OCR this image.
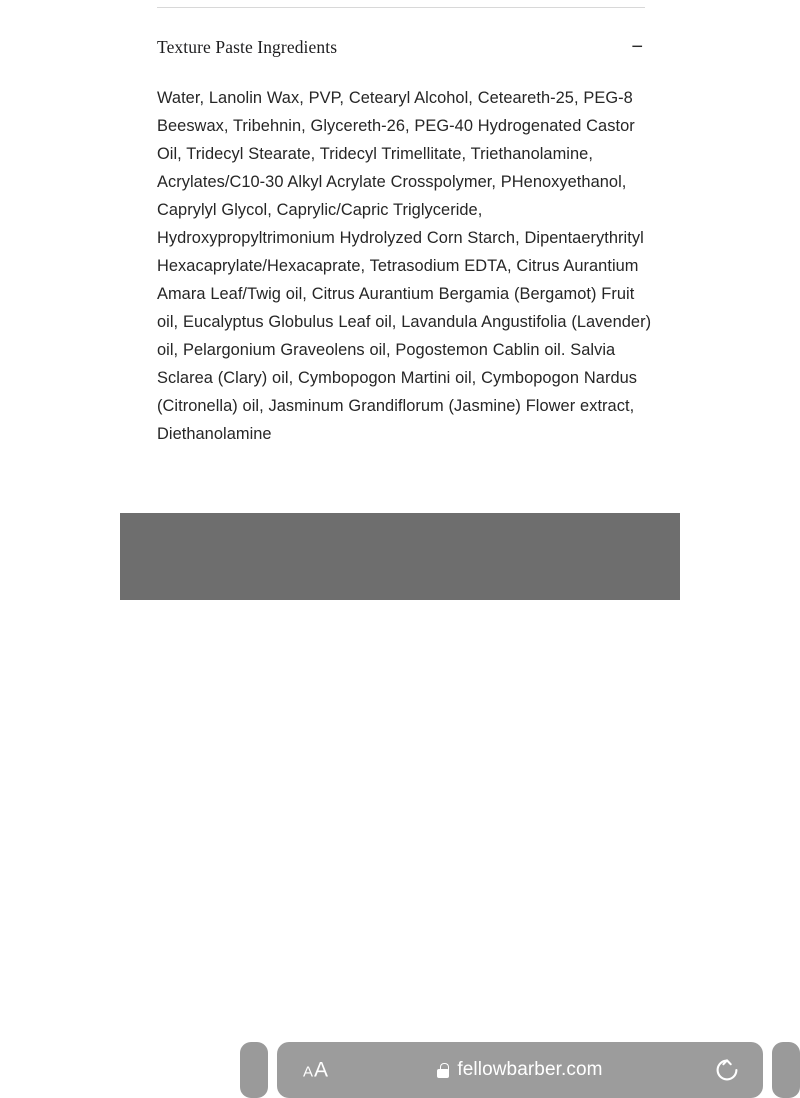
Texture Paste Ingredients	−
Water, Lanolin Wax, PVP, Cetearyl Alcohol, Ceteareth-25, PEG-8 Beeswax, Tribehnin, Glycereth-26, PEG-40 Hydrogenated Castor Oil, Tridecyl Stearate, Tridecyl Trimellitate, Triethanolamine, Acrylates/C10-30 Alkyl Acrylate Crosspolymer, PHenoxyethanol, Caprylyl Glycol, Caprylic/Capric Triglyceride, Hydroxypropyltrimonium Hydrolyzed Corn Starch, Dipentaerythrityl Hexacaprylate/Hexacaprate, Tetrasodium EDTA, Citrus Aurantium Amara Leaf/Twig oil, Citrus Aurantium Bergamia (Bergamot) Fruit oil, Eucalyptus Globulus Leaf oil, Lavandula Angustifolia (Lavender) oil, Pelargonium Graveolens oil, Pogostemon Cablin oil. Salvia Sclarea (Clary) oil, Cymbopogon Martini oil, Cymbopogon Nardus (Citronella) oil, Jasminum Grandiflorum (Jasmine) Flower extract, Diethanolamine
A A	fellowbarber.com
